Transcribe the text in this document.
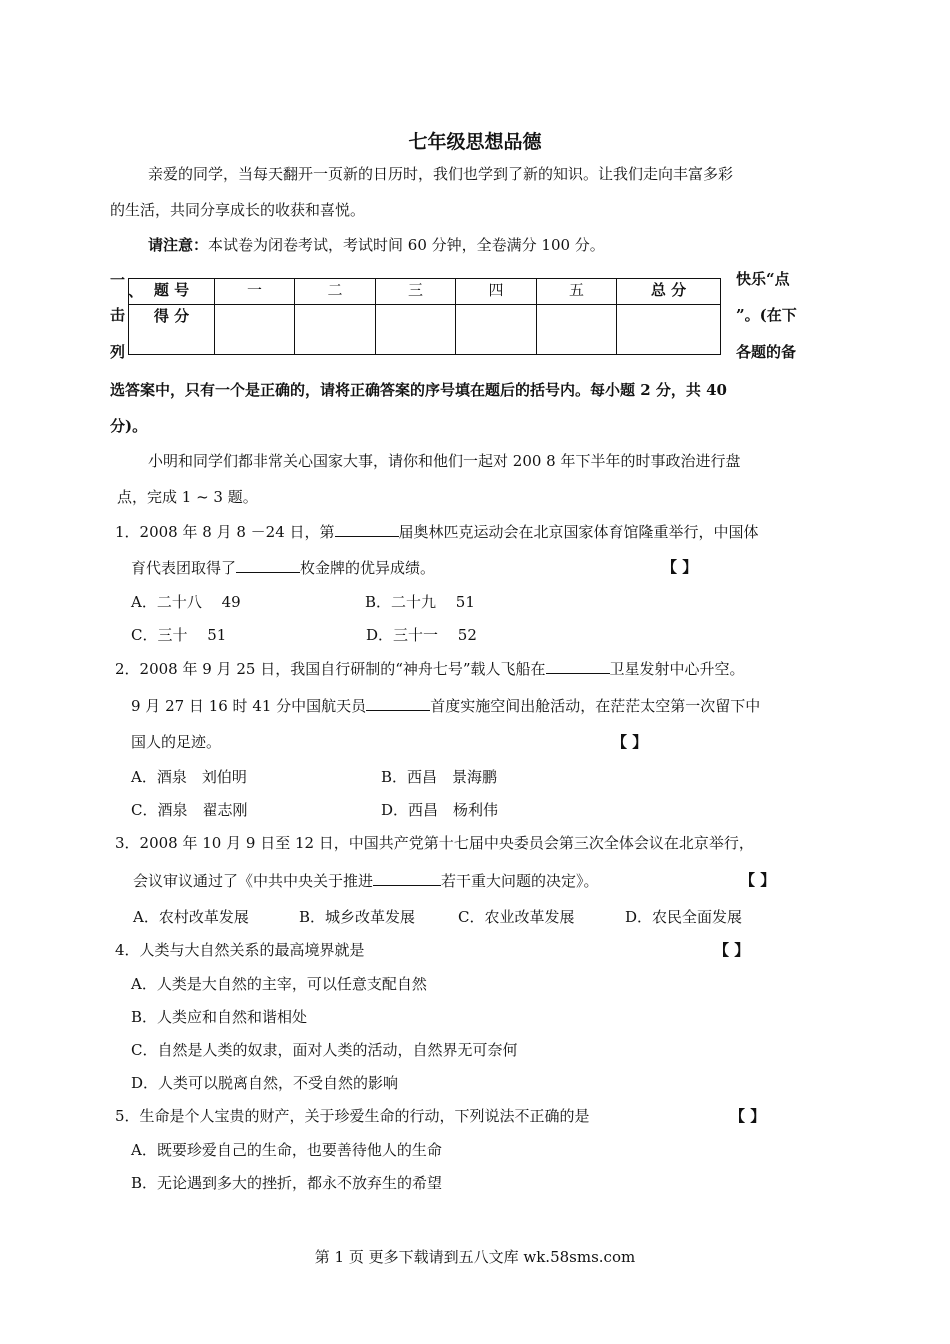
七年级思想品德
亲爱的同学，当每天翻开一页新的日历时，我们也学到了新的知识。让我们走向丰富多彩
的生活，共同分享成长的收获和喜悦。
请注意：本试卷为闭卷考试，考试时间 60 分钟，全卷满分 100 分。
一
、
击
列
快乐“点
”。(在下
各题的备
题 号	一	二	三	四	五	总 分
得 分						
选答案中，只有一个是正确的，请将正确答案的序号填在题后的括号内。每小题 2 分，共 40
分)。
小明和同学们都非常关心国家大事，请你和他们一起对 200 8 年下半年的时事政治进行盘
点，完成 1 ~ 3 题。
1．2008 年 8 月 8 －24 日，第	届奥林匹克运动会在北京国家体育馆隆重举行，中国体
育代表团取得了	枚金牌的优异成绩。	【 】
A．二十八　 49	B．二十九　 51
C．三十　 51	D．三十一　 52
2．2008 年 9 月 25 日，我国自行研制的“神舟七号”载人飞船在	卫星发射中心升空。
9 月 27 日 16 时 41 分中国航天员	首度实施空间出舱活动，在茫茫太空第一次留下中
国人的足迹。	【 】
A．酒泉　刘伯明	B．西昌　景海鹏
C．酒泉　翟志刚	D．西昌　杨利伟
3．2008 年 10 月 9 日至 12 日，中国共产党第十七届中央委员会第三次全体会议在北京举行，
会议审议通过了《中共中央关于推进	若干重大问题的决定》。	【 】
A．农村改革发展	B．城乡改革发展	C．农业改革发展	D．农民全面发展
4．人类与大自然关系的最高境界就是	【 】
A．人类是大自然的主宰，可以任意支配自然
B．人类应和自然和谐相处
C．自然是人类的奴隶，面对人类的活动，自然界无可奈何
D．人类可以脱离自然，不受自然的影响
5．生命是个人宝贵的财产，关于珍爱生命的行动，下列说法不正确的是	【 】
A．既要珍爱自己的生命，也要善待他人的生命
B．无论遇到多大的挫折，都永不放弃生的希望
第 1 页 更多下载请到五八文库 wk.58sms.com
